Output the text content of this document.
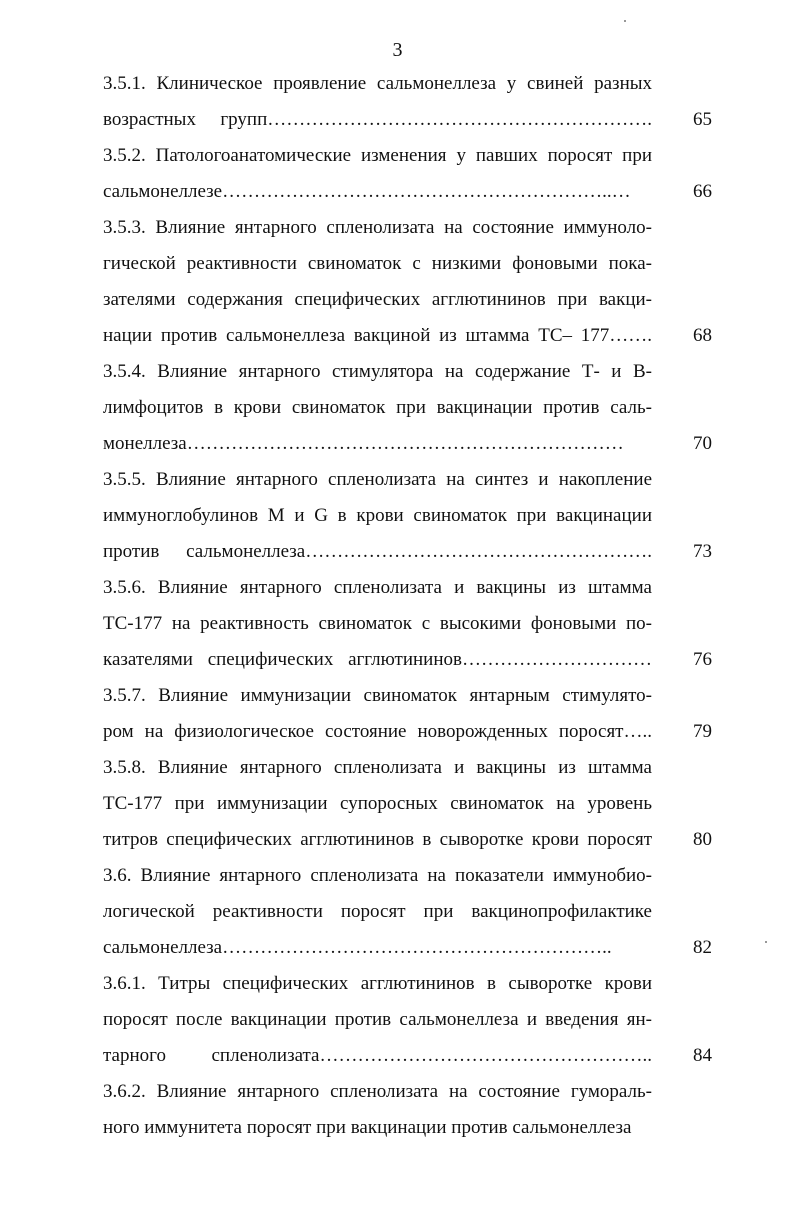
3
3.5.1. Клиническое проявление сальмонеллеза у свиней разных
возрастных групп…………………………………………………….	65
3.5.2. Патологоанатомические изменения у павших поросят при
сальмонеллезе……………………………………………………..…	66
3.5.3. Влияние янтарного спленолизата на состояние иммуноло-
гической реактивности свиноматок с низкими фоновыми пока-
зателями содержания специфических агглютининов при вакци-
нации против сальмонеллеза вакциной из штамма ТС– 177…….	68
3.5.4. Влияние янтарного стимулятора на содержание Т- и В-
лимфоцитов в крови свиноматок при вакцинации против саль-
монеллеза……………………………………………………………	70
3.5.5. Влияние янтарного спленолизата на синтез и накопление
иммуноглобулинов М и G в крови свиноматок при вакцинации
против сальмонеллеза……………………………………………….	73
3.5.6. Влияние янтарного спленолизата и вакцины из штамма
ТС-177 на реактивность свиноматок с высокими фоновыми по-
казателями специфических агглютининов…………………………	76
3.5.7. Влияние иммунизации свиноматок янтарным стимулято-
ром на физиологическое состояние новорожденных поросят…..	79
3.5.8. Влияние янтарного спленолизата и вакцины из штамма
ТС-177 при иммунизации супоросных свиноматок на уровень
титров специфических агглютининов в сыворотке крови поросят	80
3.6. Влияние янтарного спленолизата на показатели иммунобио-
логической реактивности поросят при вакцинопрофилактике
сальмонеллеза……………………………………………………..	82
3.6.1. Титры специфических агглютининов в сыворотке крови
поросят после вакцинации против сальмонеллеза и введения ян-
тарного спленолизата……………………………………………..	84
3.6.2. Влияние янтарного спленолизата на состояние гумораль-
ного иммунитета поросят при вакцинации против сальмонеллеза
